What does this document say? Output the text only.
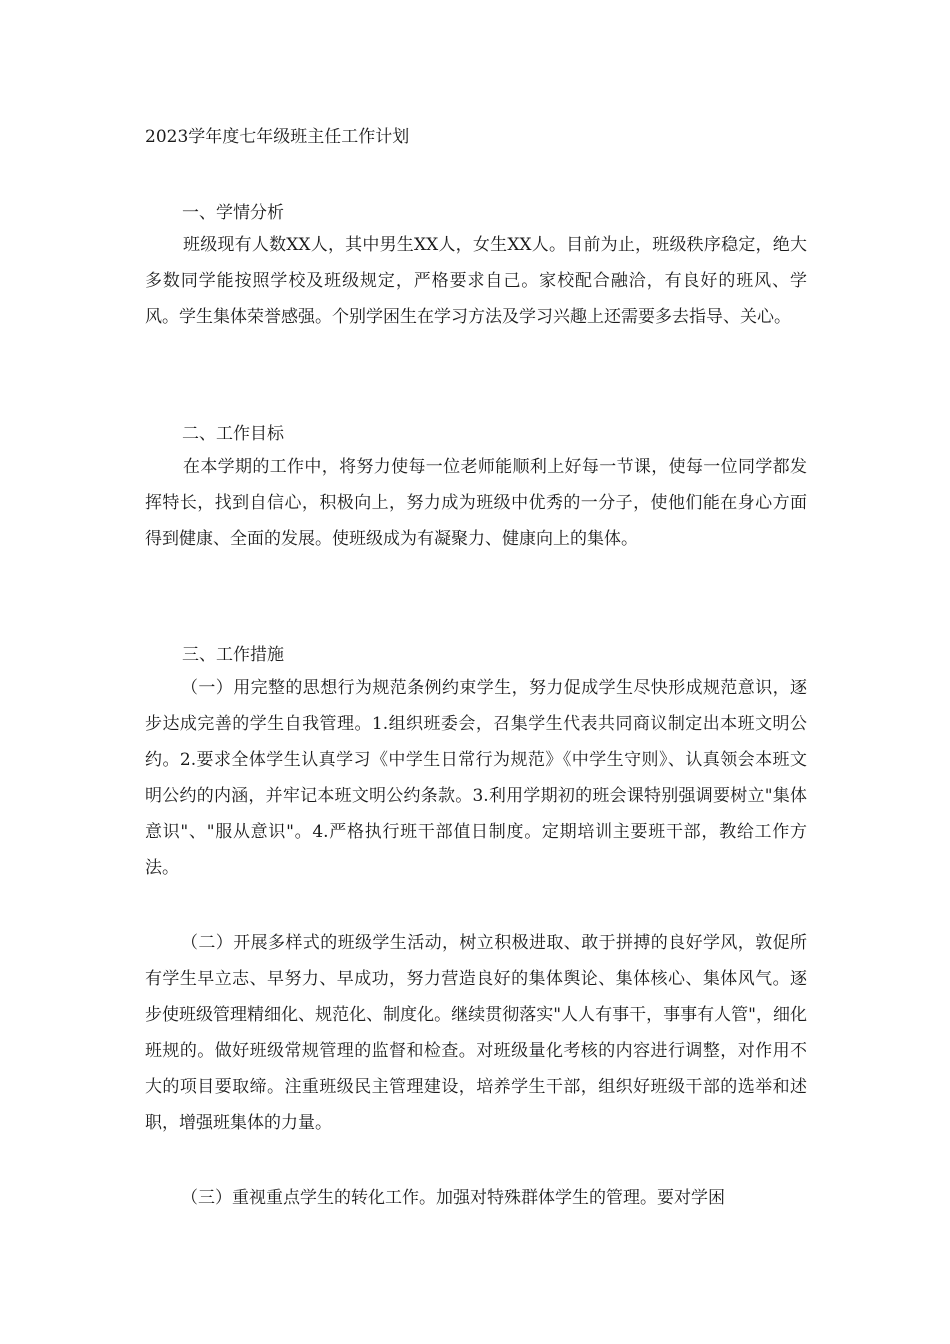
2023学年度七年级班主任工作计划
一、学情分析
班级现有人数XX人，其中男生XX人，女生XX人。目前为止，班级秩序稳定，绝大多数同学能按照学校及班级规定，严格要求自己。家校配合融洽，有良好的班风、学风。学生集体荣誉感强。个别学困生在学习方法及学习兴趣上还需要多去指导、关心。
二、工作目标
在本学期的工作中，将努力使每一位老师能顺利上好每一节课，使每一位同学都发挥特长，找到自信心，积极向上，努力成为班级中优秀的一分子，使他们能在身心方面得到健康、全面的发展。使班级成为有凝聚力、健康向上的集体。
三、工作措施
（一）用完整的思想行为规范条例约束学生，努力促成学生尽快形成规范意识，逐步达成完善的学生自我管理。1.组织班委会，召集学生代表共同商议制定出本班文明公约。2.要求全体学生认真学习《中学生日常行为规范》《中学生守则》、认真领会本班文明公约的内涵，并牢记本班文明公约条款。3.利用学期初的班会课特别强调要树立"集体意识"、"服从意识"。4.严格执行班干部值日制度。定期培训主要班干部，教给工作方法。
（二）开展多样式的班级学生活动，树立积极进取、敢于拼搏的良好学风，敦促所有学生早立志、早努力、早成功，努力营造良好的集体舆论、集体核心、集体风气。逐步使班级管理精细化、规范化、制度化。继续贯彻落实"人人有事干，事事有人管"，细化班规的。做好班级常规管理的监督和检查。对班级量化考核的内容进行调整，对作用不大的项目要取缔。注重班级民主管理建设，培养学生干部，组织好班级干部的选举和述职，增强班集体的力量。
（三）重视重点学生的转化工作。加强对特殊群体学生的管理。要对学困
